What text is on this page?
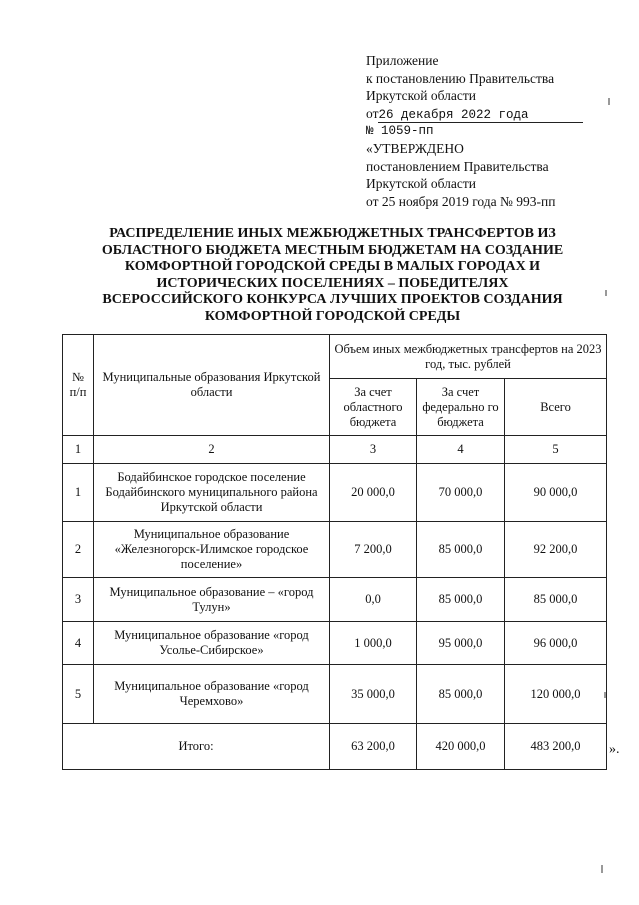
Приложение
к постановлению Правительства
Иркутской области
от26 декабря 2022 года
№ 1059-пп
«УТВЕРЖДЕНО
постановлением Правительства
Иркутской области
от 25 ноября 2019 года № 993-пп
РАСПРЕДЕЛЕНИЕ ИНЫХ МЕЖБЮДЖЕТНЫХ ТРАНСФЕРТОВ ИЗ
ОБЛАСТНОГО БЮДЖЕТА МЕСТНЫМ БЮДЖЕТАМ НА СОЗДАНИЕ
КОМФОРТНОЙ ГОРОДСКОЙ СРЕДЫ В МАЛЫХ ГОРОДАХ И
ИСТОРИЧЕСКИХ ПОСЕЛЕНИЯХ – ПОБЕДИТЕЛЯХ
ВСЕРОССИЙСКОГО КОНКУРСА ЛУЧШИХ ПРОЕКТОВ СОЗДАНИЯ
КОМФОРТНОЙ ГОРОДСКОЙ СРЕДЫ
№ п/п	Муниципальные образования Иркутской области	Объем иных межбюджетных трансфертов на 2023 год, тыс. рублей		
		За счет областного бюджета	За счет федерально го бюджета	Всего
1	2	3	4	5
1	Бодайбинское городское поселение Бодайбинского муниципального района Иркутской области	20 000,0	70 000,0	90 000,0
2	Муниципальное образование «Железногорск-Илимское городское поселение»	7 200,0	85 000,0	92 200,0
3	Муниципальное образование – «город Тулун»	0,0	85 000,0	85 000,0
4	Муниципальное образование «город Усолье-Сибирское»	1 000,0	95 000,0	96 000,0
5	Муниципальное образование «город Черемхово»	35 000,0	85 000,0	120 000,0
Итого:		63 200,0	420 000,0	483 200,0 ».
